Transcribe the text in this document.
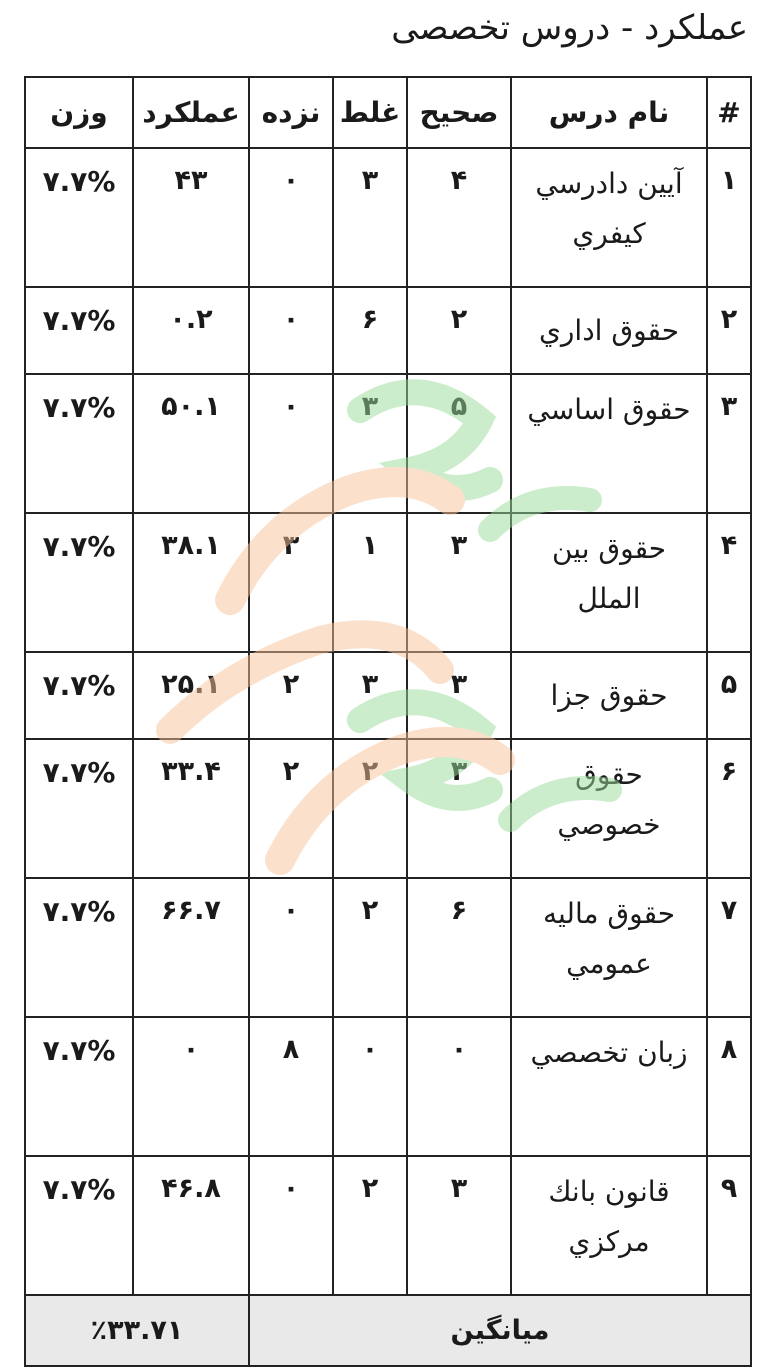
عملکرد - دروس تخصصی
#	نام درس	صحیح	غلط	نزده	عملکرد	وزن
۱	آيين دادرسي كيفري	۴	۳	۰	۴۳	۷.۷%
۲	حقوق اداري	۲	۶	۰	۰.۲	۷.۷%
۳	حقوق اساسي	۵	۳	۰	۵۰.۱	۷.۷%
۴	حقوق بين الملل	۳	۱	۳	۳۸.۱	۷.۷%
۵	حقوق جزا	۳	۳	۲	۲۵.۱	۷.۷%
۶	حقوق خصوصي	۳	۲	۲	۳۳.۴	۷.۷%
۷	حقوق ماليه عمومي	۶	۲	۰	۶۶.۷	۷.۷%
۸	زبان تخصصي	۰	۰	۸	۰	۷.۷%
۹	قانون بانك مركزي	۳	۲	۰	۴۶.۸	۷.۷%
میانگین					٪۳۳.۷۱	
